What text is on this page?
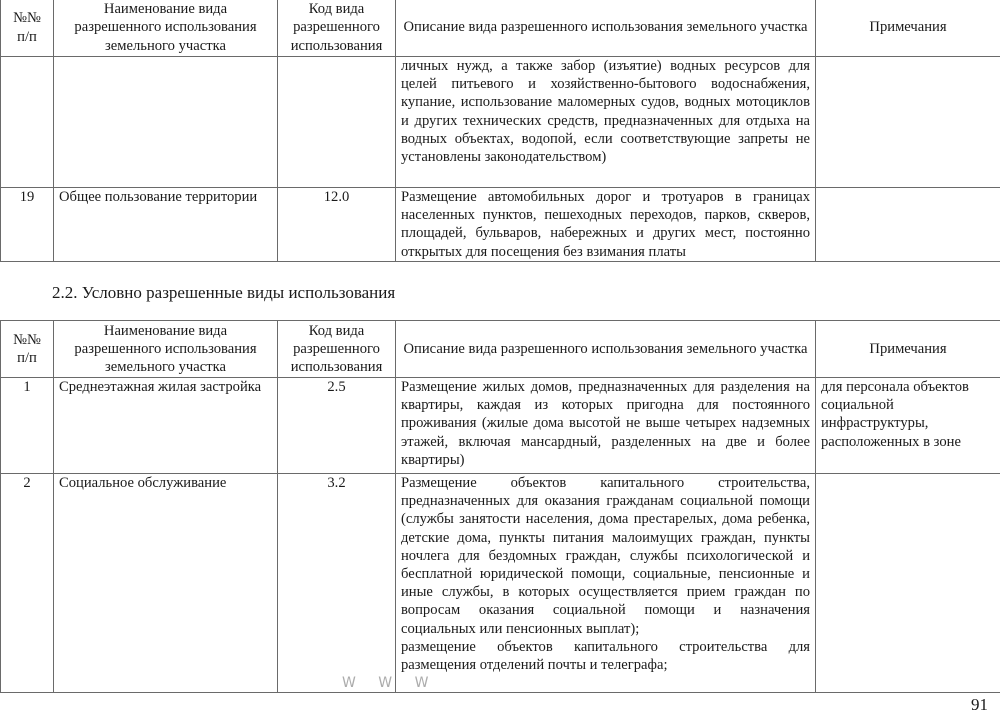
№№ п/п	Наименование вида разрешенного использования земельного участка	Код вида разрешенного использования	Описание вида разрешенного использования земельного участка	Примечания

			личных нужд, а также забор (изъятие) водных ресурсов для целей питьевого и хозяйственно-бытового водоснабжения, купание, использование маломерных судов, водных мотоциклов и других технических средств, предназначенных для отдыха на водных объектах, водопой, если соответствующие запреты не установлены законодательством)	

19	Общее пользование территории	12.0	Размещение автомобильных дорог и тротуаров в границах населенных пунктов, пешеходных переходов, парков, скверов, площадей, бульваров, набережных и других мест, постоянно открытых для посещения без взимания платы	

2.2. Условно разрешенные виды использования
№№ п/п	Наименование вида разрешенного использования земельного участка	Код вида разрешенного использования	Описание вида разрешенного использования земельного участка	Примечания
1	Среднеэтажная жилая застройка	2.5	Размещение жилых домов, предназначенных для разделения на квартиры, каждая из которых пригодна для постоянного проживания (жилые дома высотой не выше четырех надземных этажей, включая мансардный, разделенных на две и более квартиры)	для персонала объектов социальной инфраструктуры, расположенных в зоне
2	Социальное обслуживание	3.2	Размещение объектов капитального строительства, предназначенных для оказания гражданам социальной помощи (службы занятости населения, дома престарелых, дома ребенка, детские дома, пункты питания малоимущих граждан, пункты ночлега для бездомных граждан, службы психологической и бесплатной юридической помощи, социальные, пенсионные и иные службы, в которых осуществляется прием граждан по вопросам оказания социальной помощи и назначения социальных или пенсионных выплат);

размещение объектов капитального строительства для размещения отделений почты и телеграфа;	

W W W
91
